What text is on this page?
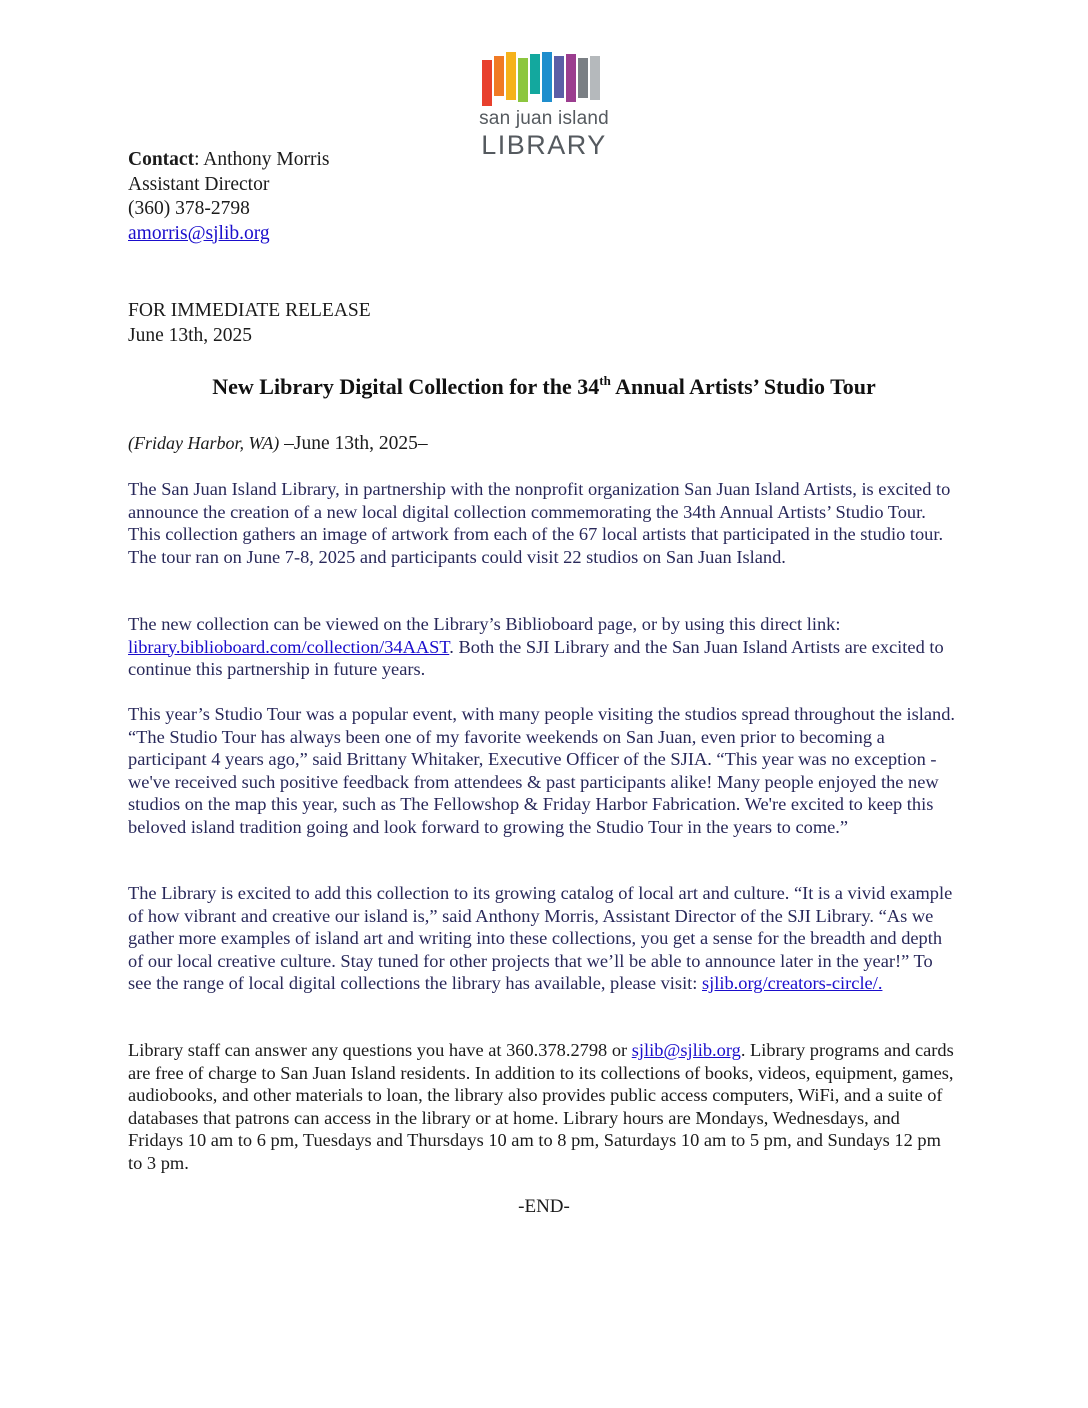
san juan island
LIBRARY
Contact: Anthony Morris
Assistant Director
(360) 378-2798
amorris@sjlib.org
FOR IMMEDIATE RELEASE
June 13th, 2025
New Library Digital Collection for the 34th Annual Artists’ Studio Tour
(Friday Harbor, WA) –June 13th, 2025–
The San Juan Island Library, in partnership with the nonprofit organization San Juan Island Artists, is excited to announce the creation of a new local digital collection commemorating the 34th Annual Artists’ Studio Tour. This collection gathers an image of artwork from each of the 67 local artists that participated in the studio tour. The tour ran on June 7-8, 2025 and participants could visit 22 studios on San Juan Island.
The new collection can be viewed on the Library’s Biblioboard page, or by using this direct link: library.biblioboard.com/collection/34AAST. Both the SJI Library and the San Juan Island Artists are excited to continue this partnership in future years.
This year’s Studio Tour was a popular event, with many people visiting the studios spread throughout the island. “The Studio Tour has always been one of my favorite weekends on San Juan, even prior to becoming a participant 4 years ago,” said Brittany Whitaker, Executive Officer of the SJIA. “This year was no exception - we've received such positive feedback from attendees & past participants alike! Many people enjoyed the new studios on the map this year, such as The Fellowshop & Friday Harbor Fabrication. We're excited to keep this beloved island tradition going and look forward to growing the Studio Tour in the years to come.”
The Library is excited to add this collection to its growing catalog of local art and culture. “It is a vivid example of how vibrant and creative our island is,” said Anthony Morris, Assistant Director of the SJI Library. “As we gather more examples of island art and writing into these collections, you get a sense for the breadth and depth of our local creative culture. Stay tuned for other projects that we’ll be able to announce later in the year!” To see the range of local digital collections the library has available, please visit: sjlib.org/creators-circle/.
Library staff can answer any questions you have at 360.378.2798 or sjlib@sjlib.org. Library programs and cards are free of charge to San Juan Island residents. In addition to its collections of books, videos, equipment, games, audiobooks, and other materials to loan, the library also provides public access computers, WiFi, and a suite of databases that patrons can access in the library or at home. Library hours are Mondays, Wednesdays, and Fridays 10 am to 6 pm, Tuesdays and Thursdays 10 am to 8 pm, Saturdays 10 am to 5 pm, and Sundays 12 pm to 3 pm.
-END-
